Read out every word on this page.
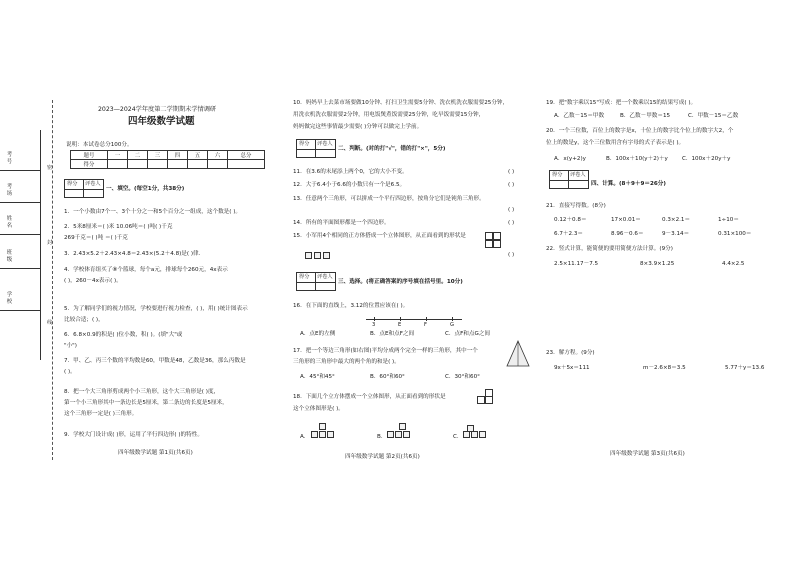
考号
考场
姓名
班级
学校
密
封
线
2023—2024学年度第二学期期末学情调研
四年级数学试题
说明：本试卷总分100分。
题号	一	二	三	四	五	六	总分
得分							
得分 评卷人
一、填空。(每空1分，共38分)
1．一个小数由7个一、3个十分之一和5个百分之一组成，这个数是( )。
2．5米8厘米＝( )米 10.06吨＝( )吨( )千克
269千克＝( )吨 ＝( )千克
3．2.43×5.2＋2.43×4.8＝2.43×(5.2＋4.8)是( )律.
4．学校体育组买了⑧个篮球，每个a元，排球每个260元，4x表示
( )，260－4x表示( )。
5．为了解同学们的视力情况，学校要进行视力检查，( )，用( )统计图表示
比较合适；( )，
6．6.8×0.9的积是( )位小数，积( )。(填"大"或
"小")
7．甲、乙、丙三个数的平均数是60，甲数是48，乙数是36，那么丙数是
( )。
8．把一个大三角形剪成两个小三角形，这个大三角形是( )度，
第一个小三角形其中一条边长是5厘米，第二条边的长度是5厘米，
这个三角形一定是( )三角形。
9．学校大门设计成( )形，运用了平行四边形( )的特性。
四年级数学试题 第1页(共6页)
10．妈妈早上去菜市场要做10分钟、打扫卫生需要5分钟、洗衣机洗衣服需要25分钟，
用洗衣机洗衣服需要2分钟，用电饭煲煮饭需要25分钟，吃早饭需要15分钟，
妈妈做完这些事情最少需要( )分钟可以做完上学前。
得分 评卷人
二、判断。(对的打"√"，错的打"×"，5分)
11．在3.6的末尾添上两个0，它的大小不变。	( )
12．大于6.4小于6.6的小数只有一个是6.5。	( )
13．任意两个三角形，可以拼成一个平行四边形，按角分它们是钝角三角形。
( )
14．所有的平面图形都是一个四边形。	( )
15．小军用4个相同的正方体搭成一个立体图形，从正面看到的形状是
( )
得分 评卷人
三、选择。(将正确答案的序号填在括号里。10分)
16．在下面的直线上，3.12的位置应该在( )。
3	E	F	G
A．点E的左侧	B．点E和点F之间	C．点F和点G之间
17．把一个等边三角形(如右图)平均分成两个完全一样的三角形，其中一个
三角形的三角形中最大的两个角的和是( )。
A．45°和45°	B．60°和60°	C．30°和60°
18．下面几个立方体摆成一个立体图形，从正面看到的形状是
这个立体图形是( )。
A.	B.	C.
四年级数学试题 第2页(共6页)
19．把"数字乘以15"写成：把一个数乘以15的结果写成( )。
A．乙数－15＝甲数	B．乙数－甲数＝15	C．甲数－15＝乙数
20．一个三位数，百位上的数字是x，十位上的数字比个位上的数字大2，个
位上的数是y，这个三位数用含有字母的式子表示是( )。
A．x(y+2)y	B．100x＋10(y＋2)＋y	C．100x＋20y＋y
得分 评卷人
四、计算。(8＋9＋9＝26分)
21．直接写得数。(8分)
0.12＋0.8＝	17×0.01＝	0.3×2.1＝	1÷10＝
6.7＋2.3＝	8.96－0.6＝	9－3.14＝	0.31×100＝
22．竖式计算，能简便的要用简便方法计算。(9分)
2.5×11.17－7.5	8×3.9×1.25	4.4×2.5
23．解方程。(9分)
9x＋5x＝111	m－2.6×8＝3.5	5.77＋y＝13.6
四年级数学试题 第3页(共6页)
